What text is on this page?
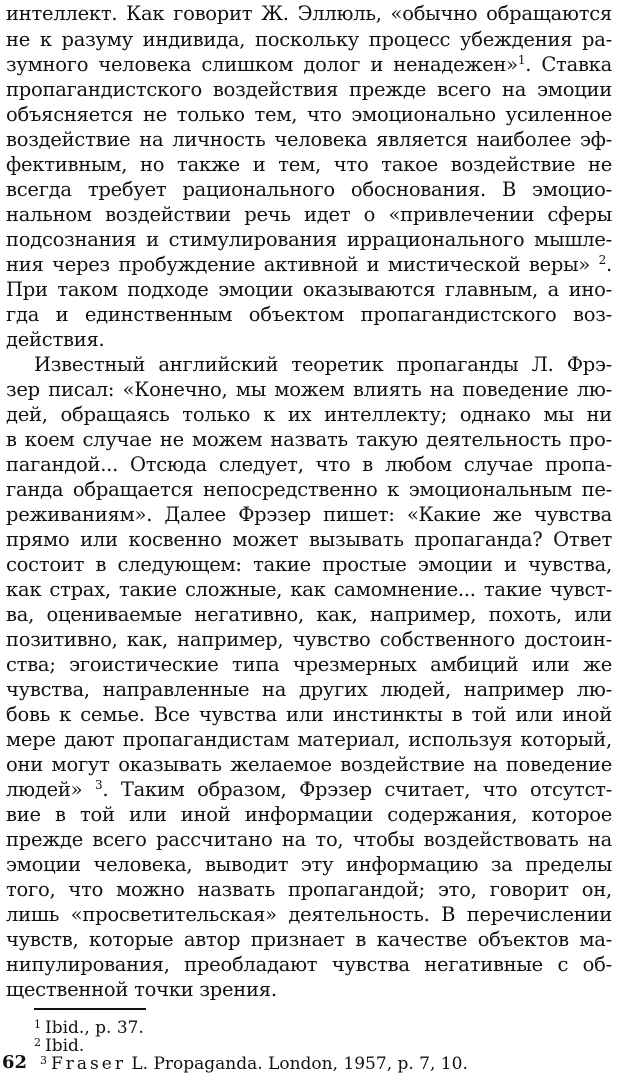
интеллект. Как говорит Ж. Эллюль, «обычно обращаются
не к разуму индивида, поскольку процесс убеждения ра-
зумного человека слишком долог и ненадежен»$^1$. Ставка
пропагандистского воздействия прежде всего на эмоции
объясняется не только тем, что эмоционально усиленное
воздействие на личность человека является наиболее эф-
фективным, но также и тем, что такое воздействие не
всегда требует рационального обоснования. В эмоцио-
нальном воздействии речь идет о «привлечении сферы
подсознания и стимулирования иррационального мышле-
ния через пробуждение активной и мистической веры» $^2$.
При таком подходе эмоции оказываются главным, а ино-
гда и единственным объектом пропагандистского воз-
действия.
Известный английский теоретик пропаганды Л. Фрэ-
зер писал: «Конечно, мы можем влиять на поведение лю-
дей, обращаясь только к их интеллекту; однако мы ни
в коем случае не можем назвать такую деятельность про-
пагандой... Отсюда следует, что в любом случае пропа-
ганда обращается непосредственно к эмоциональным пе-
реживаниям». Далее Фрэзер пишет: «Какие же чувства
прямо или косвенно может вызывать пропаганда? Ответ
состоит в следующем: такие простые эмоции и чувства,
как страх, такие сложные, как самомнение... такие чувст-
ва, оцениваемые негативно, как, например, похоть, или
позитивно, как, например, чувство собственного достоин-
ства; эгоистические типа чрезмерных амбиций или же
чувства, направленные на других людей, например лю-
бовь к семье. Все чувства или инстинкты в той или иной
мере дают пропагандистам материал, используя который,
они могут оказывать желаемое воздействие на поведение
людей» $^3$. Таким образом, Фрэзер считает, что отсутст-
вие в той или иной информации содержания, которое
прежде всего рассчитано на то, чтобы воздействовать на
эмоции человека, выводит эту информацию за пределы
того, что можно назвать пропагандой; это, говорит он,
лишь «просветительская» деятельность. В перечислении
чувств, которые автор признает в качестве объектов ма-
нипулирования, преобладают чувства негативные с об-
щественной точки зрения.
$^1$ Ibid., p. 37.
$^2$ Ibid.
$^3$ Fraser L. Propaganda. London, 1957, p. 7, 10.
62
